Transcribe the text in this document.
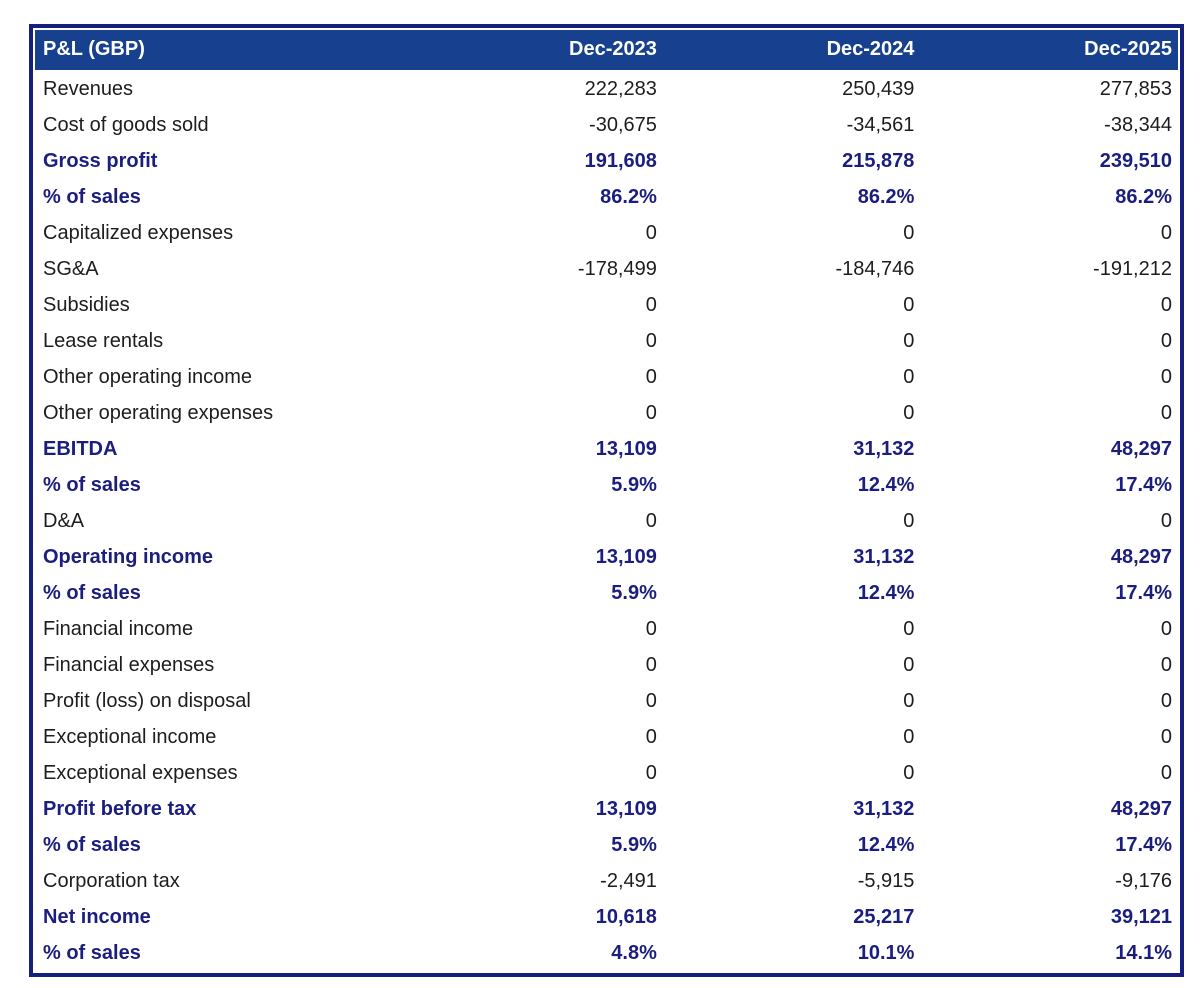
P&L (GBP)	Dec-2023	Dec-2024	Dec-2025
Revenues	222,283	250,439	277,853
Cost of goods sold	-30,675	-34,561	-38,344
Gross profit	191,608	215,878	239,510
% of sales	86.2%	86.2%	86.2%
Capitalized expenses	0	0	0
SG&A	-178,499	-184,746	-191,212
Subsidies	0	0	0
Lease rentals	0	0	0
Other operating income	0	0	0
Other operating expenses	0	0	0
EBITDA	13,109	31,132	48,297
% of sales	5.9%	12.4%	17.4%
D&A	0	0	0
Operating income	13,109	31,132	48,297
% of sales	5.9%	12.4%	17.4%
Financial income	0	0	0
Financial expenses	0	0	0
Profit (loss) on disposal	0	0	0
Exceptional income	0	0	0
Exceptional expenses	0	0	0
Profit before tax	13,109	31,132	48,297
% of sales	5.9%	12.4%	17.4%
Corporation tax	-2,491	-5,915	-9,176
Net income	10,618	25,217	39,121
% of sales	4.8%	10.1%	14.1%
